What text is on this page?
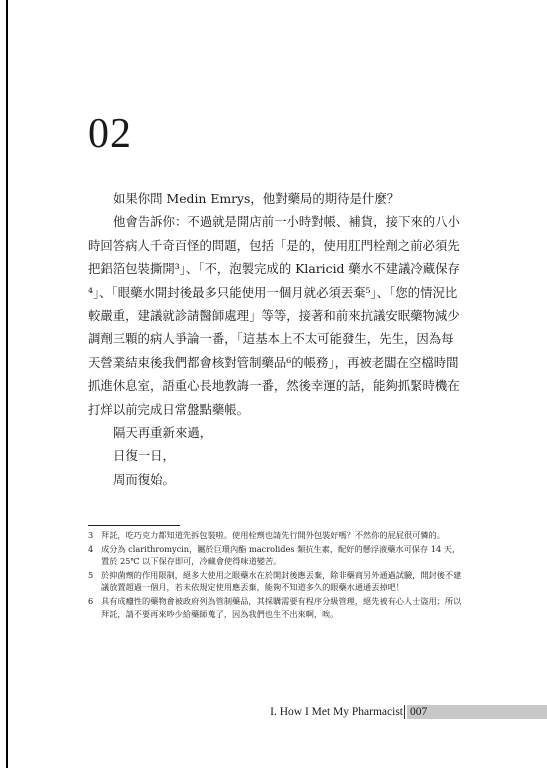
02

如果你問 Medin Emrys，他對藥局的期待是什麼？

他會告訴你：不過就是開店前一小時對帳、補貨，接下來的八小時回答病人千奇百怪的問題，包括「是的，使用肛門栓劑之前必須先把鋁箔包裝撕開³」、「不，泡製完成的 Klaricid 藥水不建議冷藏保存⁴」、「眼藥水開封後最多只能使用一個月就必須丟棄⁵」、「您的情況比較嚴重，建議就診請醫師處理」等等，接著和前來抗議安眠藥物減少調劑三顆的病人爭論一番，「這基本上不太可能發生，先生，因為每天營業結束後我們都會核對管制藥品⁶的帳務」，再被老闆在空檔時間抓進休息室，語重心長地教誨一番，然後幸運的話，能夠抓緊時機在打烊以前完成日常盤點藥帳。

隔天再重新來過，

日復一日，

周而復始。

3 拜託，吃巧克力都知道先拆包裝啦。使用栓劑也請先行開外包裝好嗎？不然你的屁屁很可憐的。
4 成分為 clarithromycin，屬於巨環內酯 macrolides 類抗生素，配好的懸浮液藥水可保存 14 天，置於 25℃ 以下保存即可，冷藏會使得味道變苦。
5 於抑菌劑的作用限制，絕多大使用之眼藥水在於開封後應丟棄，除非藥商另外通過試驗，開封後不建議放置超過一個月，若未依規定使用應丟棄，能夠不知道多久的眼藥水通通丟掉吧！
6 具有成癮性的藥物會被政府列為管制藥品，其採購需要有程序分級管理，絕先被有心人士盜用；所以拜託，請不要再來吵少給藥師蒐了，因為我們也生不出來啊，唉。
I. How I Met My Pharmacist 007
